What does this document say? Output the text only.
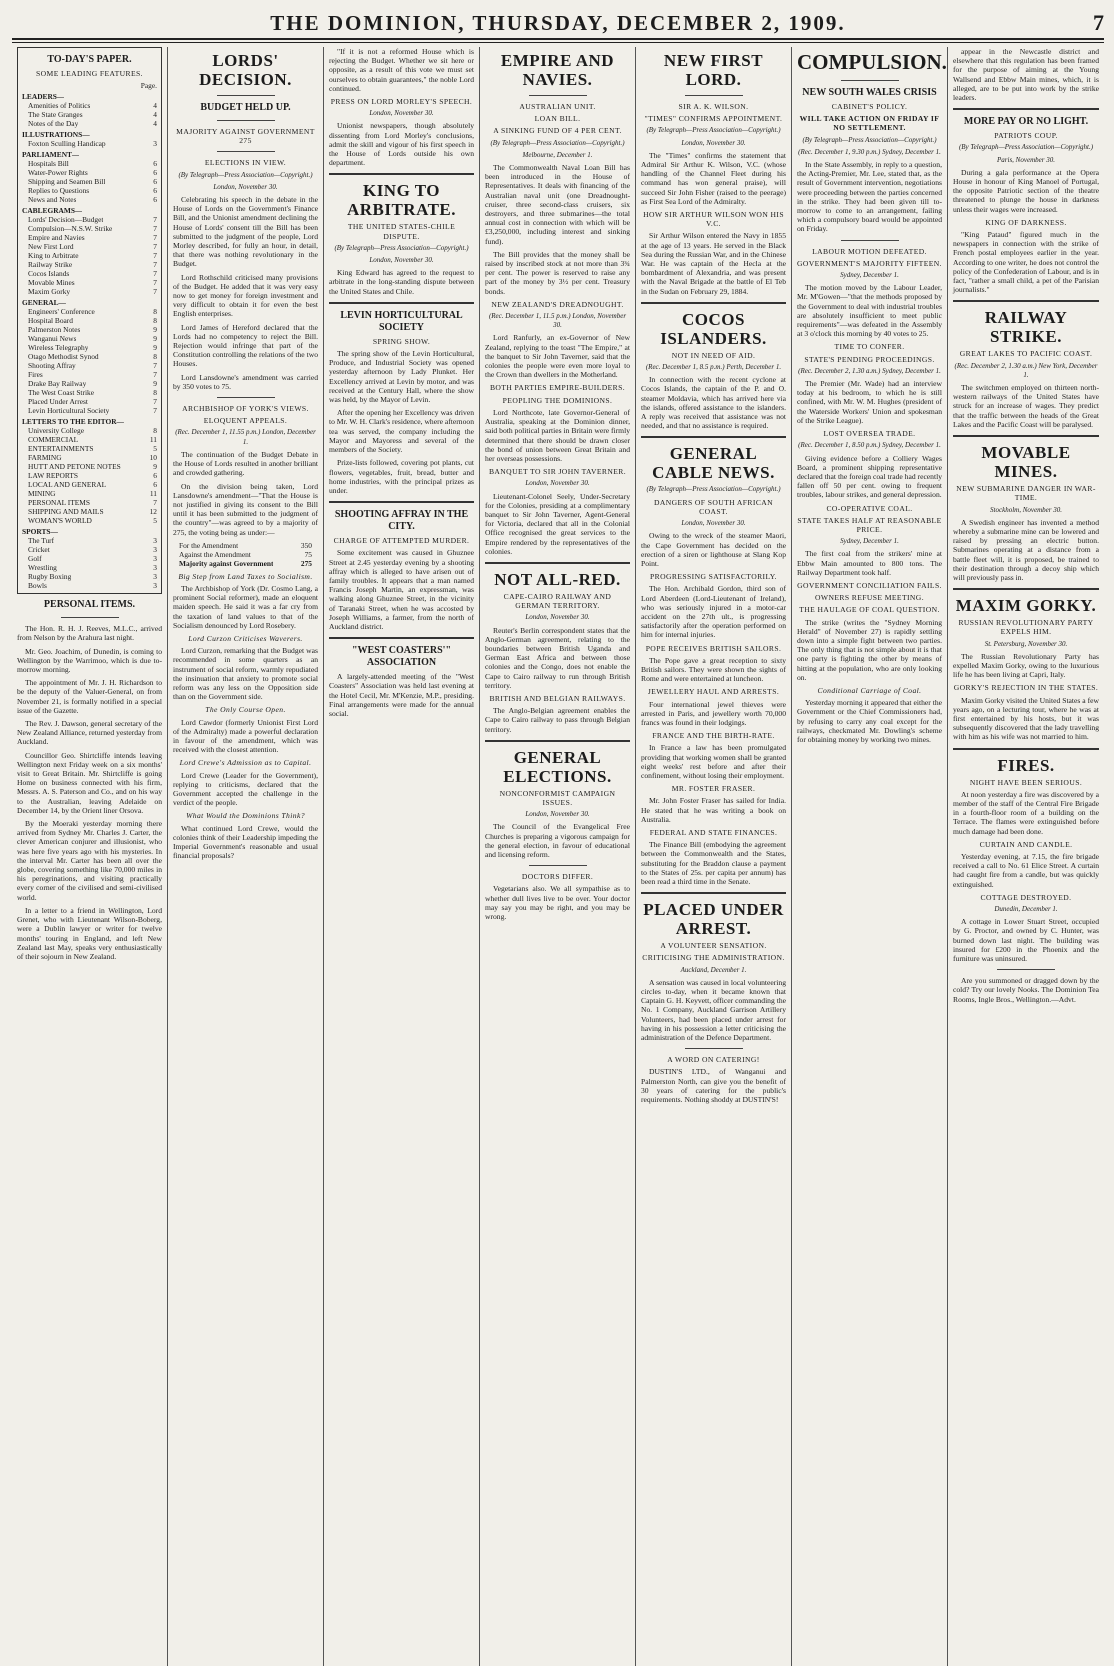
THE DOMINION, THURSDAY, DECEMBER 2, 1909.	7
TO-DAY'S PAPER.
SOME LEADING FEATURES.
Page.
LEADERS—
Amenities of Politics	4
The State Granges	4
Notes of the Day	4
ILLUSTRATIONS—
Foxton Sculling Handicap	3
PARLIAMENT—
Hospitals Bill	6
Water-Power Rights	6
Shipping and Seamen Bill	6
Replies to Questions	6
News and Notes	6
CABLEGRAMS—
Lords' Decision—Budget	7
Compulsion—N.S.W. Strike	7
Empire and Navies	7
New First Lord	7
King to Arbitrate	7
Railway Strike	7
Cocos Islands	7
Movable Mines	7
Maxim Gorky	7
GENERAL—
Engineers' Conference	8
Hospital Board	8
Palmerston Notes	9
Wanganui News	9
Wireless Telegraphy	9
Otago Methodist Synod	8
Shooting Affray	7
Fires	7
Drake Bay Railway	9
The West Coast Strike	8
Placed Under Arrest	7
Levin Horticultural Society	7
LETTERS TO THE EDITOR—
University College	8
COMMERCIAL	11
ENTERTAINMENTS	5
FARMING	10
HUTT AND PETONE NOTES	9
LAW REPORTS	6
LOCAL AND GENERAL	6
MINING	11
PERSONAL ITEMS	7
SHIPPING AND MAILS	12
WOMAN'S WORLD	5
SPORTS—
The Turf	3
Cricket	3
Golf	3
Wrestling	3
Rugby Boxing	3
Bowls	3
PERSONAL ITEMS.

The Hon. R. H. J. Reeves, M.L.C., arrived from Nelson by the Arahura last night.

Mr. Geo. Joachim, of Dunedin, is coming to Wellington by the Warrimoo, which is due to-morrow morning.

The appointment of Mr. J. H. Richardson to be the deputy of the Valuer-General, on from November 21, is formally notified in a special issue of the Gazette.

The Rev. J. Dawson, general secretary of the New Zealand Alliance, returned yesterday from Auckland.

Councillor Geo. Shirtcliffe intends leaving Wellington next Friday week on a six months' visit to Great Britain. Mr. Shirtcliffe is going Home on business connected with his firm, Messrs. A. S. Paterson and Co., and on his way to the Australian, leaving Adelaide on December 14, by the Orient liner Orsova.

By the Moeraki yesterday morning there arrived from Sydney Mr. Charles J. Carter, the clever American conjurer and illusionist, who was here five years ago with his mysteries. In the interval Mr. Carter has been all over the globe, covering something like 70,000 miles in his peregrinations, and visiting practically every corner of the civilised and semi-civilised world.

In a letter to a friend in Wellington, Lord Grenet, who with Lieutenant Wilson-Boberg, were a Dublin lawyer or writer for twelve months' touring in England, and left New Zealand last May, speaks very enthusiastically of their sojourn in New Zealand.

LORDS' DECISION.
BUDGET HELD UP.
MAJORITY AGAINST GOVERNMENT 275
ELECTIONS IN VIEW.
(By Telegraph—Press Association—Copyright.)
London, November 30.

Celebrating his speech in the debate in the House of Lords on the Government's Finance Bill, and the Unionist amendment declining the House of Lords' consent till the Bill has been submitted to the judgment of the people, Lord Morley described, for fully an hour, in detail, that there was nothing revolutionary in the Budget.

Lord Rothschild criticised many provisions of the Budget. He added that it was very easy now to get money for foreign investment and very difficult to obtain it for even the best English enterprises.

Lord James of Hereford declared that the Lords had no competency to reject the Bill. Rejection would infringe that part of the Constitution controlling the relations of the two Houses.

Lord Lansdowne's amendment was carried by 350 votes to 75.

ARCHBISHOP OF YORK'S VIEWS.
ELOQUENT APPEALS.
(Rec. December 1, 11.55 p.m.) London, December 1.

The continuation of the Budget Debate in the House of Lords resulted in another brilliant and crowded gathering.

On the division being taken, Lord Lansdowne's amendment—"That the House is not justified in giving its consent to the Bill until it has been submitted to the judgment of the country"—was agreed to by a majority of 275, the voting being as under:—

For the Amendment	350
Against the Amendment	75
Majority against Government	275
Big Step from Land Taxes to Socialism.

The Archbishop of York (Dr. Cosmo Lang, a prominent Social reformer), made an eloquent maiden speech. He said it was a far cry from the taxation of land values to that of the Socialism denounced by Lord Rosebery.

Lord Curzon Criticises Waverers.

Lord Curzon, remarking that the Budget was recommended in some quarters as an instrument of social reform, warmly repudiated the insinuation that anxiety to promote social reform was any less on the Opposition side than on the Government side.

The Only Course Open.

Lord Cawdor (formerly Unionist First Lord of the Admiralty) made a powerful declaration in favour of the amendment, which was received with the closest attention.

Lord Crewe's Admission as to Capital.

Lord Crewe (Leader for the Government), replying to criticisms, declared that the Government accepted the challenge in the verdict of the people.

What Would the Dominions Think?

What continued Lord Crewe, would the colonies think of their Leadership impeding the Imperial Government's reasonable and usual financial proposals?

"If it is not a reformed House which is rejecting the Budget. Whether we sit here or opposite, as a result of this vote we must set ourselves to obtain guarantees," the noble Lord continued.

PRESS ON LORD MORLEY'S SPEECH.
London, November 30.

Unionist newspapers, though absolutely dissenting from Lord Morley's conclusions, admit the skill and vigour of his first speech in the House of Lords outside his own department.

KING TO ARBITRATE.
THE UNITED STATES-CHILE DISPUTE.
(By Telegraph—Press Association—Copyright.)
London, November 30.

King Edward has agreed to the request to arbitrate in the long-standing dispute between the United States and Chile.

LEVIN HORTICULTURAL SOCIETY
SPRING SHOW.

The spring show of the Levin Horticultural, Produce, and Industrial Society was opened yesterday afternoon by Lady Plunket. Her Excellency arrived at Levin by motor, and was received at the Century Hall, where the show was held, by the Mayor of Levin.

After the opening her Excellency was driven to Mr. W. H. Clark's residence, where afternoon tea was served, the company including the Mayor and Mayoress and several of the members of the Society.

Prize-lists followed, covering pot plants, cut flowers, vegetables, fruit, bread, butter and home industries, with the principal prizes as under.

SHOOTING AFFRAY IN THE CITY.
CHARGE OF ATTEMPTED MURDER.

Some excitement was caused in Ghuznee Street at 2.45 yesterday evening by a shooting affray which is alleged to have arisen out of family troubles. It appears that a man named Francis Joseph Martin, an expressman, was walking along Ghuznee Street, in the vicinity of Taranaki Street, when he was accosted by Joseph Williams, a farmer, from the north of Auckland district.

"WEST COASTERS'" ASSOCIATION

A largely-attended meeting of the "West Coasters" Association was held last evening at the Hotel Cecil, Mr. M'Kenzie, M.P., presiding. Final arrangements were made for the annual social.

EMPIRE AND NAVIES.
AUSTRALIAN UNIT.
LOAN BILL.
A SINKING FUND OF 4 PER CENT.
(By Telegraph—Press Association—Copyright.)
Melbourne, December 1.

The Commonwealth Naval Loan Bill has been introduced in the House of Representatives. It deals with financing of the Australian naval unit (one Dreadnought-cruiser, three second-class cruisers, six destroyers, and three submarines—the total annual cost in connection with which will be £3,250,000, including interest and sinking fund).

The Bill provides that the money shall be raised by inscribed stock at not more than 3¾ per cent. The power is reserved to raise any part of the money by 3½ per cent. Treasury bonds.

NEW ZEALAND'S DREADNOUGHT.
(Rec. December 1, 11.5 p.m.) London, November 30.

Lord Ranfurly, an ex-Governor of New Zealand, replying to the toast "The Empire," at the banquet to Sir John Taverner, said that the colonies the people were even more loyal to the Crown than dwellers in the Motherland.

BOTH PARTIES EMPIRE-BUILDERS.
PEOPLING THE DOMINIONS.

Lord Northcote, late Governor-General of Australia, speaking at the Dominion dinner, said both political parties in Britain were firmly determined that there should be drawn closer the bond of union between Great Britain and her overseas possessions.

BANQUET TO SIR JOHN TAVERNER.
London, November 30.

Lieutenant-Colonel Seely, Under-Secretary for the Colonies, presiding at a complimentary banquet to Sir John Taverner, Agent-General for Victoria, declared that all in the Colonial Office recognised the great services to the Empire rendered by the representatives of the colonies.

NOT ALL-RED.
CAPE-CAIRO RAILWAY AND GERMAN TERRITORY.
London, November 30.

Reuter's Berlin correspondent states that the Anglo-German agreement, relating to the boundaries between British Uganda and German East Africa and between those colonies and the Congo, does not enable the Cape to Cairo railway to run through British territory.

BRITISH AND BELGIAN RAILWAYS.

The Anglo-Belgian agreement enables the Cape to Cairo railway to pass through Belgian territory.

GENERAL ELECTIONS.
NONCONFORMIST CAMPAIGN ISSUES.
London, November 30.

The Council of the Evangelical Free Churches is preparing a vigorous campaign for the general election, in favour of educational and licensing reform.

DOCTORS DIFFER.

Vegetarians also. We all sympathise as to whether dull lives live to be over. Your doctor may say you may be right, and you may be wrong.

NEW FIRST LORD.
SIR A. K. WILSON.
"TIMES" CONFIRMS APPOINTMENT.
(By Telegraph—Press Association—Copyright.)
London, November 30.

The "Times" confirms the statement that Admiral Sir Arthur K. Wilson, V.C. (whose handling of the Channel Fleet during his command has won general praise), will succeed Sir John Fisher (raised to the peerage) as First Sea Lord of the Admiralty.

HOW SIR ARTHUR WILSON WON HIS V.C.

Sir Arthur Wilson entered the Navy in 1855 at the age of 13 years. He served in the Black Sea during the Russian War, and in the Chinese War. He was captain of the Hecla at the bombardment of Alexandria, and was present with the Naval Brigade at the battle of El Teb in the Sudan on February 29, 1884.

COCOS ISLANDERS.
NOT IN NEED OF AID.
(Rec. December 1, 8.5 p.m.) Perth, December 1.

In connection with the recent cyclone at Cocos Islands, the captain of the P. and O. steamer Moldavia, which has arrived here via the islands, offered assistance to the islanders. A reply was received that assistance was not needed, and that no assistance is required.

GENERAL CABLE NEWS.
(By Telegraph—Press Association—Copyright.)
DANGERS OF SOUTH AFRICAN COAST.
London, November 30.

Owing to the wreck of the steamer Maori, the Cape Government has decided on the erection of a siren or lighthouse at Slang Kop Point.

PROGRESSING SATISFACTORILY.

The Hon. Archibald Gordon, third son of Lord Aberdeen (Lord-Lieutenant of Ireland), who was seriously injured in a motor-car accident on the 27th ult., is progressing satisfactorily after the operation performed on him for internal injuries.

POPE RECEIVES BRITISH SAILORS.

The Pope gave a great reception to sixty British sailors. They were shown the sights of Rome and were entertained at luncheon.

JEWELLERY HAUL AND ARRESTS.

Four international jewel thieves were arrested in Paris, and jewellery worth 70,000 francs was found in their lodgings.

FRANCE AND THE BIRTH-RATE.

In France a law has been promulgated providing that working women shall be granted eight weeks' rest before and after their confinement, without losing their employment.

MR. FOSTER FRASER.

Mr. John Foster Fraser has sailed for India. He stated that he was writing a book on Australia.

FEDERAL AND STATE FINANCES.

The Finance Bill (embodying the agreement between the Commonwealth and the States, substituting for the Braddon clause a payment to the States of 25s. per capita per annum) has been read a third time in the Senate.

PLACED UNDER ARREST.
A VOLUNTEER SENSATION.
CRITICISING THE ADMINISTRATION.
Auckland, December 1.

A sensation was caused in local volunteering circles to-day, when it became known that Captain G. H. Keyvett, officer commanding the No. 1 Company, Auckland Garrison Artillery Volunteers, had been placed under arrest for having in his possession a letter criticising the administration of the Defence Department.

A WORD ON CATERING!

DUSTIN'S LTD., of Wanganui and Palmerston North, can give you the benefit of 30 years of catering for the public's requirements. Nothing shoddy at DUSTIN'S!

COMPULSION.
NEW SOUTH WALES CRISIS
CABINET'S POLICY.
WILL TAKE ACTION ON FRIDAY IF NO SETTLEMENT.
(By Telegraph—Press Association—Copyright.)
(Rec. December 1, 9.30 p.m.) Sydney, December 1.

In the State Assembly, in reply to a question, the Acting-Premier, Mr. Lee, stated that, as the result of Government intervention, negotiations were proceeding between the parties concerned in the strike. They had been given till to-morrow to come to an arrangement, failing which a compulsory board would be appointed on Friday.

LABOUR MOTION DEFEATED.
GOVERNMENT'S MAJORITY FIFTEEN.
Sydney, December 1.

The motion moved by the Labour Leader, Mr. M'Gowen—"that the methods proposed by the Government to deal with industrial troubles are absolutely insufficient to meet public requirements"—was defeated in the Assembly at 3 o'clock this morning by 40 votes to 25.

TIME TO CONFER.
STATE'S PENDING PROCEEDINGS.
(Rec. December 2, 1.30 a.m.) Sydney, December 1.

The Premier (Mr. Wade) had an interview today at his bedroom, to which he is still confined, with Mr. W. M. Hughes (president of the Waterside Workers' Union and spokesman of the Strike League).

LOST OVERSEA TRADE.
(Rec. December 1, 8.50 p.m.) Sydney, December 1.

Giving evidence before a Colliery Wages Board, a prominent shipping representative declared that the foreign coal trade had recently fallen off 50 per cent. owing to frequent troubles, labour strikes, and general depression.

CO-OPERATIVE COAL.
STATE TAKES HALF AT REASONABLE PRICE.
Sydney, December 1.

The first coal from the strikers' mine at Ebbw Main amounted to 800 tons. The Railway Department took half.

GOVERNMENT CONCILIATION FAILS.
OWNERS REFUSE MEETING.
THE HAULAGE OF COAL QUESTION.

The strike (writes the "Sydney Morning Herald" of November 27) is rapidly settling down into a simple fight between two parties. The only thing that is not simple about it is that one party is fighting the other by means of hitting at the population, who are only looking on.

Conditional Carriage of Coal.

Yesterday morning it appeared that either the Government or the Chief Commissioners had, by refusing to carry any coal except for the railways, checkmated Mr. Dowling's scheme for obtaining money by working two mines.

appear in the Newcastle district and elsewhere that this regulation has been framed for the purpose of aiming at the Young Wallsend and Ebbw Main mines, which, it is alleged, are to be put into work by the strike leaders.

MORE PAY OR NO LIGHT.
PATRIOTS COUP.
(By Telegraph—Press Association—Copyright.)
Paris, November 30.

During a gala performance at the Opera House in honour of King Manoel of Portugal, the opposite Patriotic section of the theatre threatened to plunge the house in darkness unless their wages were increased.

KING OF DARKNESS.

"King Pataud" figured much in the newspapers in connection with the strike of French postal employees earlier in the year. According to one writer, he does not control the policy of the Confederation of Labour, and is in fact, "rather a small child, a pet of the Parisian journalists."

RAILWAY STRIKE.
GREAT LAKES TO PACIFIC COAST.
(Rec. December 2, 1.30 a.m.) New York, December 1.

The switchmen employed on thirteen north-western railways of the United States have struck for an increase of wages. They predict that the traffic between the heads of the Great Lakes and the Pacific Coast will be paralysed.

MOVABLE MINES.
NEW SUBMARINE DANGER IN WAR-TIME.
Stockholm, November 30.

A Swedish engineer has invented a method whereby a submarine mine can be lowered and raised by pressing an electric button. Submarines operating at a distance from a battle fleet will, it is proposed, be trained to their destination through a decoy ship which will previously pass in.

MAXIM GORKY.
RUSSIAN REVOLUTIONARY PARTY EXPELS HIM.
St. Petersburg, November 30.

The Russian Revolutionary Party has expelled Maxim Gorky, owing to the luxurious life he has been living at Capri, Italy.

GORKY'S REJECTION IN THE STATES.

Maxim Gorky visited the United States a few years ago, on a lecturing tour, where he was at first entertained by his hosts, but it was subsequently discovered that the lady travelling with him as his wife was not married to him.

FIRES.
NIGHT HAVE BEEN SERIOUS.

At noon yesterday a fire was discovered by a member of the staff of the Central Fire Brigade in a fourth-floor room of a building on the Terrace. The flames were extinguished before much damage had been done.

CURTAIN AND CANDLE.

Yesterday evening, at 7.15, the fire brigade received a call to No. 61 Elice Street. A curtain had caught fire from a candle, but was quickly extinguished.

COTTAGE DESTROYED.
Dunedin, December 1.

A cottage in Lower Stuart Street, occupied by G. Proctor, and owned by C. Hunter, was burned down last night. The building was insured for £200 in the Phoenix and the furniture was uninsured.

Are you summoned or dragged down by the cold? Try our lovely Nooks. The Dominion Tea Rooms, Ingle Bros., Wellington.—Advt.
